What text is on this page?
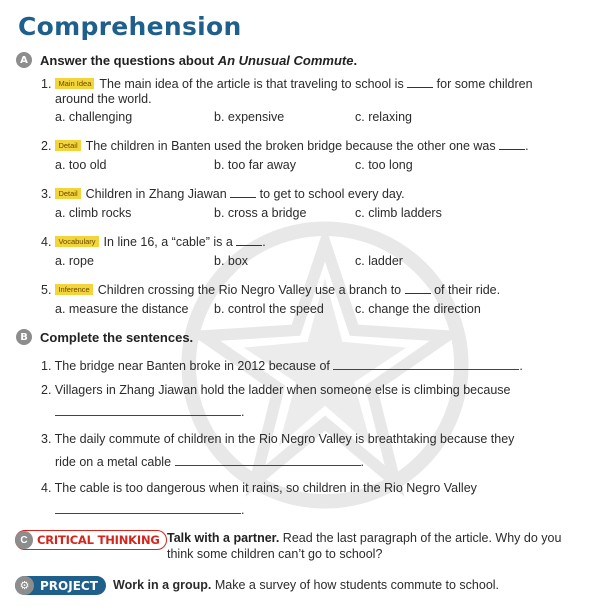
Comprehension
A Answer the questions about An Unusual Commute.
1. Main Idea The main idea of the article is that traveling to school is	for some children
around the world.
a. challenging	b. expensive	c. relaxing
2. Detail The children in Banten used the broken bridge because the other one was .
a. too old	b. too far away	c. too long
3. Detail Children in Zhang Jiawan	to get to school every day.
a. climb rocks	b. cross a bridge	c. climb ladders
4. Vocabulary In line 16, a “cable” is a .
a. rope	b. box	c. ladder
5. Inference Children crossing the Rio Negro Valley use a branch to	of their ride.
a. measure the distance b. control the speed c. change the direction
B Complete the sentences.
1. The bridge near Banten broke in 2012 because of	.
2. Villagers in Zhang Jiawan hold the ladder when someone else is climbing because
.
3. The daily commute of children in the Rio Negro Valley is breathtaking because they
ride on a metal cable	.
4. The cable is too dangerous when it rains, so children in the Rio Negro Valley
.
C CRITICAL THINKING Talk with a partner. Read the last paragraph of the article. Why do you think some children can’t go to school?
⚙ PROJECT Work in a group. Make a survey of how students commute to school.
